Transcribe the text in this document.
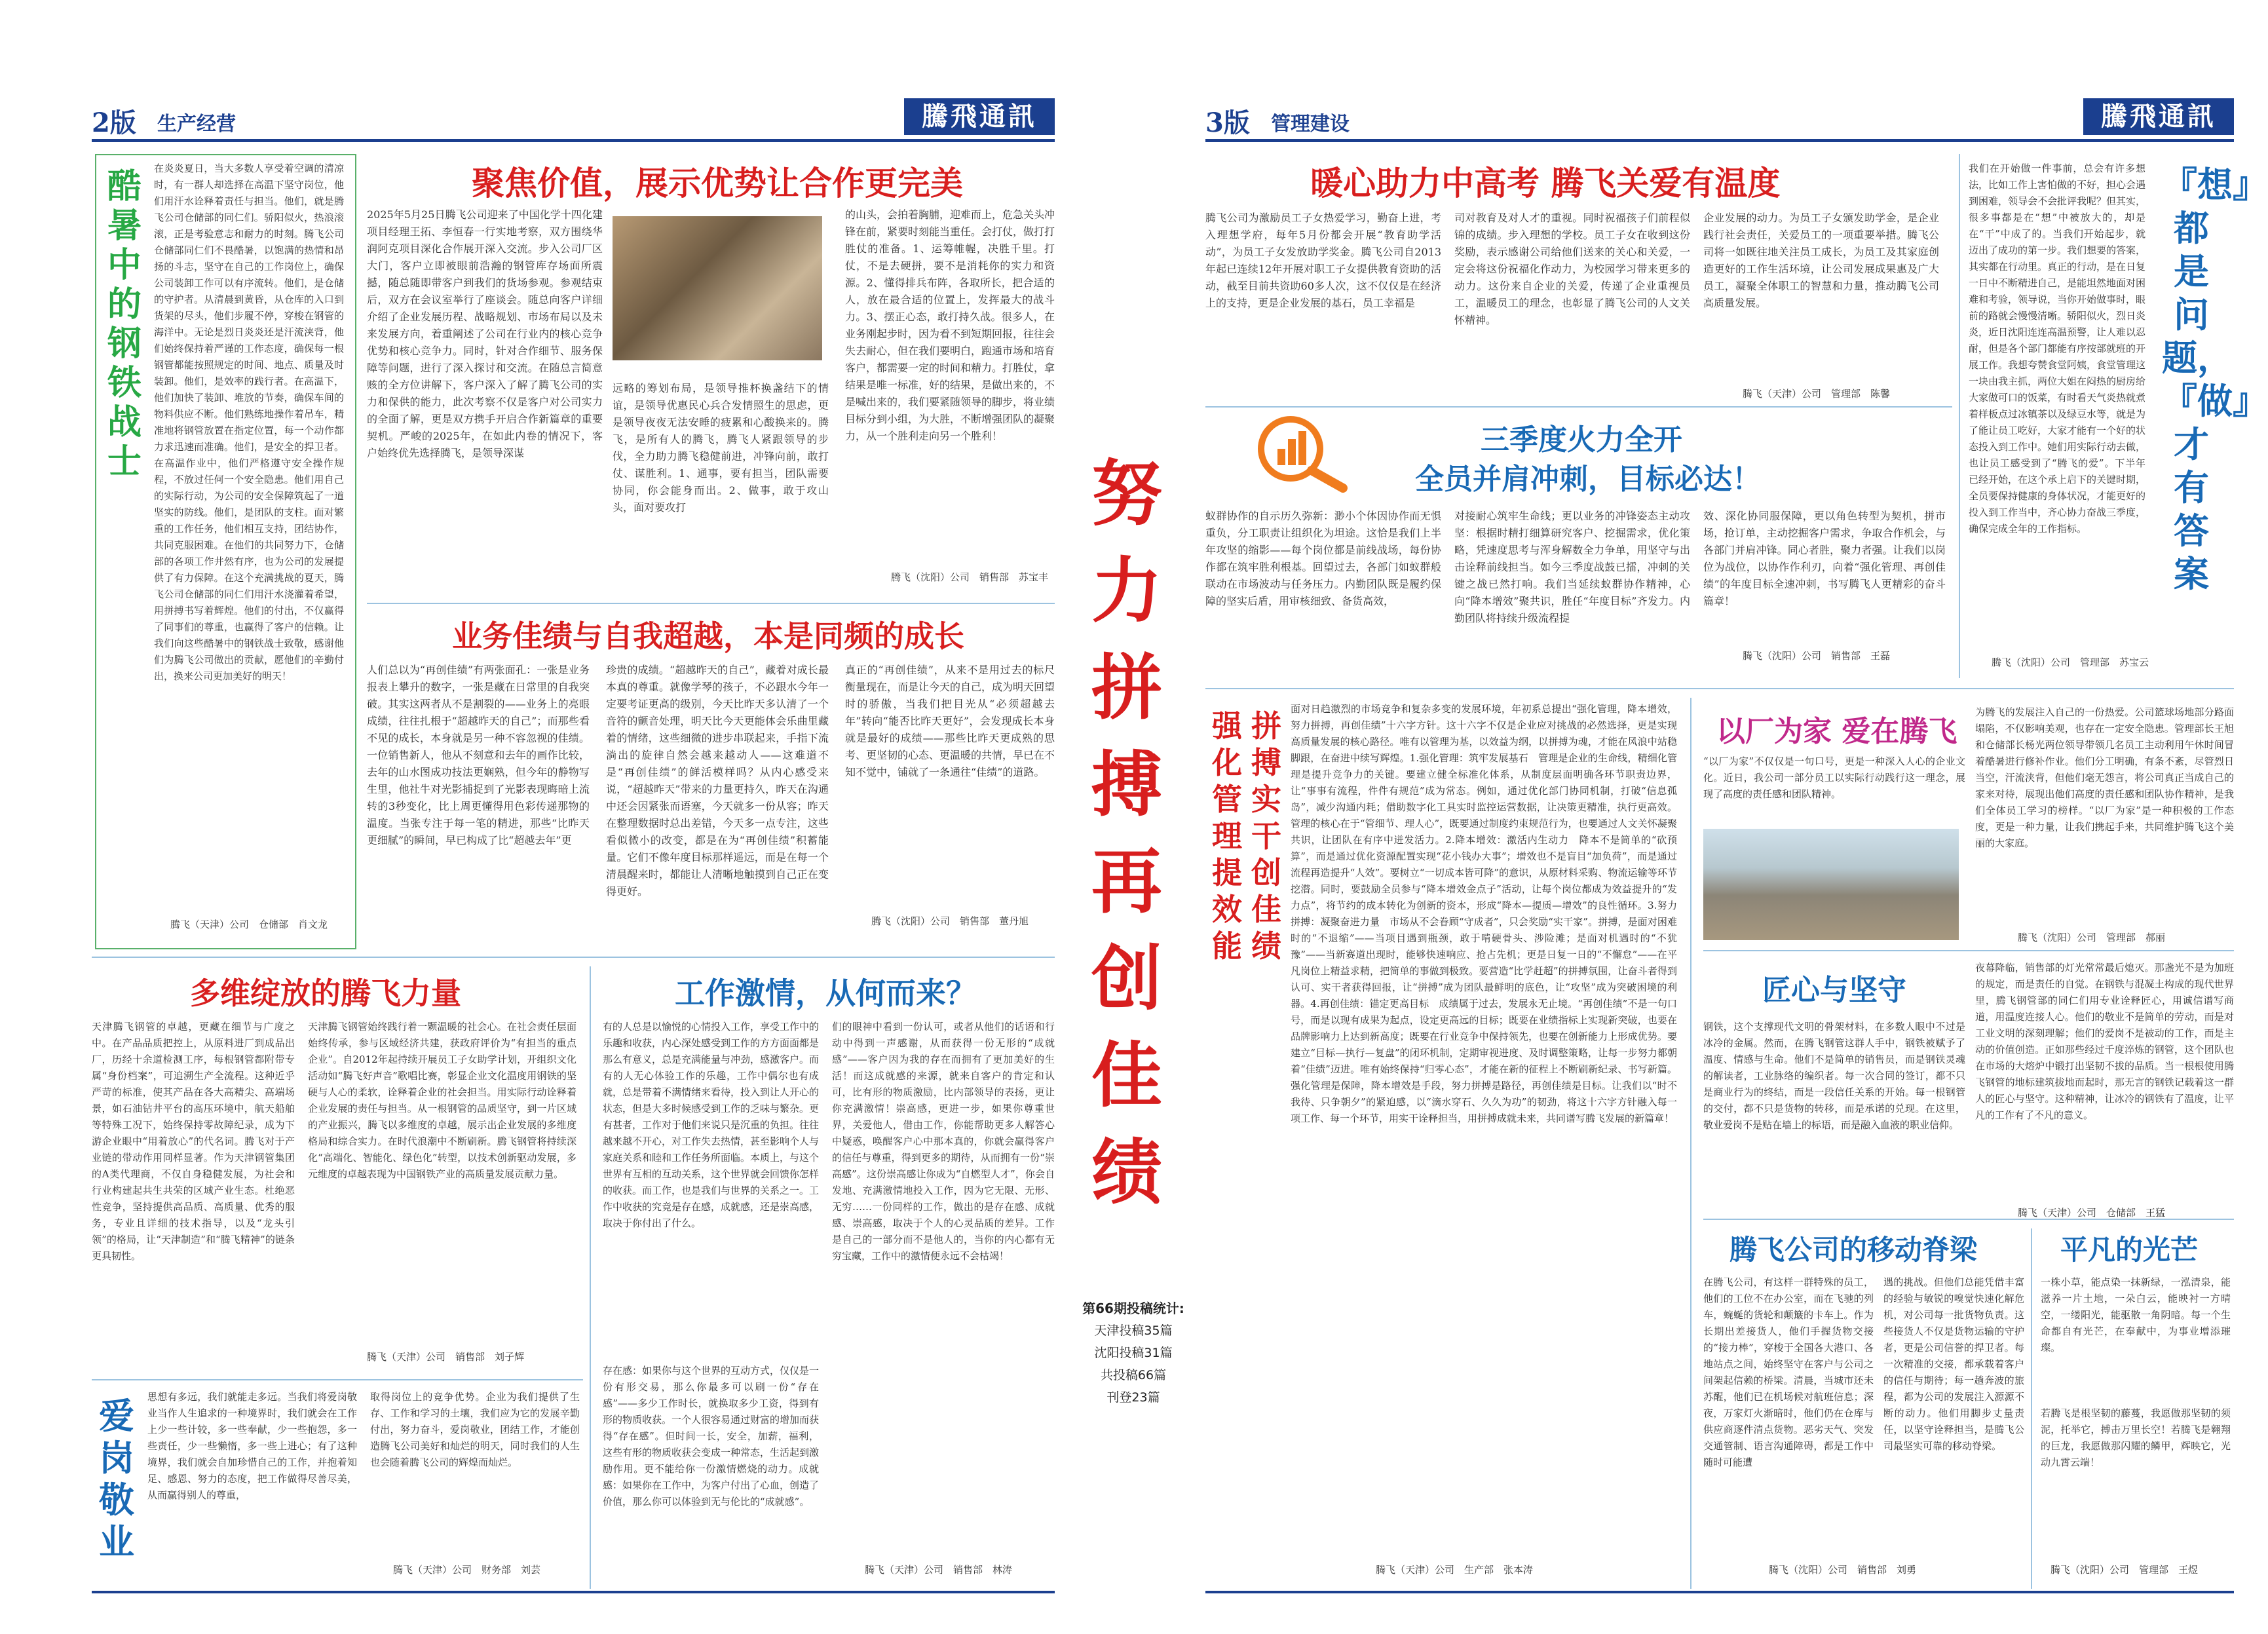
2版 生产经营	騰飛通訊
酷暑中的钢铁战士
在炎炎夏日，当大多数人享受着空调的清凉时，有一群人却选择在高温下坚守岗位，他们用汗水诠释着责任与担当。他们，就是腾飞公司仓储部的同仁们。骄阳似火，热浪滚滚，正是考验意志和耐力的时刻。腾飞公司仓储部同仁们不畏酷暑，以饱满的热情和昂扬的斗志，坚守在自己的工作岗位上，确保公司装卸工作可以有序流转。他们，是仓储的守护者。从清晨到黄昏，从仓库的入口到货架的尽头，他们步履不停，穿梭在钢管的海洋中。无论是烈日炎炎还是汗流浃背，他们始终保持着严谨的工作态度，确保每一根钢管都能按照规定的时间、地点、质量及时装卸。他们，是效率的践行者。在高温下，他们加快了装卸、堆放的节奏，确保车间的物料供应不断。他们熟练地操作着吊车，精准地将钢管放置在指定位置，每一个动作都力求迅速而准确。他们，是安全的捍卫者。在高温作业中，他们严格遵守安全操作规程，不放过任何一个安全隐患。他们用自己的实际行动，为公司的安全保障筑起了一道坚实的防线。他们，是团队的支柱。面对繁重的工作任务，他们相互支持，团结协作，共同克服困难。在他们的共同努力下，仓储部的各项工作井然有序，也为公司的发展提供了有力保障。在这个充满挑战的夏天，腾飞公司仓储部的同仁们用汗水浇灌着希望，用拼搏书写着辉煌。他们的付出，不仅赢得了同事们的尊重，也赢得了客户的信赖。让我们向这些酷暑中的钢铁战士致敬，感谢他们为腾飞公司做出的贡献，愿他们的辛勤付出，换来公司更加美好的明天！
腾飞（天津）公司　仓储部　肖文龙
聚焦价值，展示优势让合作更完美
2025年5月25日腾飞公司迎来了中国化学十四化建项目经理王拓、李恒春一行实地考察，双方围绕华润阿克项目深化合作展开深入交流。步入公司厂区大门，客户立即被眼前浩瀚的钢管库存场面所震撼，随总随即带客户到我们的货场参观。参观结束后，双方在会议室举行了座谈会。随总向客户详细介绍了企业发展历程、战略规划、市场布局以及未来发展方向，着重阐述了公司在行业内的核心竞争优势和核心竞争力。同时，针对合作细节、服务保障等问题，进行了深入探讨和交流。在随总言简意赅的全方位讲解下，客户深入了解了腾飞公司的实力和保供的能力，此次考察不仅是客户对公司实力的全面了解，更是双方携手开启合作新篇章的重要契机。严峻的2025年，在如此内卷的情况下，客户始终优先选择腾飞，是领导深谋
远略的筹划布局，是领导推杯换盏结下的情谊，是领导优惠民心兵合发情照生的思虑，更是领导夜夜无法安睡的疲累和心酸换来的。腾飞，是所有人的腾飞，腾飞人紧跟领导的步伐，全力助力腾飞稳健前进，冲锋向前，敢打仗、谋胜利。1、通事，要有担当，团队需要协同，你会能身而出。2、做事，敢于攻山头，面对要攻打
的山头，会拍着胸脯，迎难而上，危急关头冲锋在前，紧要时刻能当重任。会打仗，做打打胜仗的准备。1、运筹帷幄，决胜千里。打仗，不是去硬拼，要不是消耗你的实力和资源。2、懂得排兵布阵，各取所长，把合适的人，放在最合适的位置上，发挥最大的战斗力。3、摆正心态，敢打持久战。很多人，在业务刚起步时，因为看不到短期回报，往往会失去耐心，但在我们要明白，跑通市场和培育客户，都需要一定的时间和精力。打胜仗，拿结果是唯一标准，好的结果，是做出来的，不是喊出来的，我们要紧随领导的脚步，将业绩目标分到小组，为大胜，不断增强团队的凝聚力，从一个胜利走向另一个胜利！
腾飞（沈阳）公司　销售部　苏宝丰
业务佳绩与自我超越，本是同频的成长
人们总以为“再创佳绩”有两张面孔：一张是业务报表上攀升的数字，一张是藏在日常里的自我突破。其实这两者从不是割裂的——业务上的亮眼成绩，往往扎根于“超越昨天的自己”；而那些看不见的成长，本身就是另一种不容忽视的佳绩。一位销售新人，他从不刻意和去年的画作比较，去年的山水图成功技法更娴熟，但今年的静物写生里，他社牛对光影捕捉到了光影表现晦暗上流转的3秒变化，比上周更懂得用色彩传递那物的温度。当张专注于每一笔的精进，那些“比昨天更细腻”的瞬间，早已构成了比“超越去年”更
珍贵的成绩。“超越昨天的自己”，藏着对成长最本真的尊重。就像学琴的孩子，不必跟水今年一定要考证更高的级别，今天比昨天多认清了一个音符的颤音处理，明天比今天更能体会乐曲里藏着的情绪，这些细微的进步串联起来，手指下流淌出的旋律自然会越来越动人——这难道不是“再创佳绩”的鲜活模样吗？从内心感受来说，“超越昨天”带来的力量更持久，昨天在沟通中还会因紧张而语塞，今天就多一份从容；昨天在整理数据时总出差错，今天多一点专注，这些看似微小的改变，都是在为“再创佳绩”积蓄能量。它们不像年度目标那样遥远，而是在每一个清晨醒来时，都能让人清晰地触摸到自己正在变得更好。
真正的“再创佳绩”，从来不是用过去的标尺衡量现在，而是让今天的自己，成为明天回望时的骄傲，当我们把目光从“必须超越去年”转向“能否比昨天更好”，会发现成长本身就是最好的成绩——那些比昨天更成熟的思考、更坚韧的心态、更温暖的共情，早已在不知不觉中，铺就了一条通往“佳绩”的道路。
腾飞（沈阳）公司　销售部　董丹旭
多维绽放的腾飞力量
天津腾飞钢管的卓越，更藏在细节与广度之中。在产品品质把控上，从原料进厂到成品出厂，历经十余道检测工序，每根钢管都附带专属“身份档案”，可追溯生产全流程。这种近乎严苛的标准，使其产品在各大高精尖、高端场景，如石油钻井平台的高压环境中，航天船舶等特殊工况下，始终保持零故障纪录，成为下游企业眼中“用着放心”的代名词。腾飞对于产业链的带动作用同样显著。作为天津钢管集团的A类代理商，不仅自身稳健发展，为社会和行业构建起共生共荣的区域产业生态。杜绝恶性竞争，坚持提供高品质、高质量、优秀的服务，专业且详细的技术指导，以及“龙头引领”的格局，让“天津制造”和“腾飞精神”的链条更具韧性。
天津腾飞钢管始终践行着一颗温暖的社会心。在社会责任层面始终传承，参与区域经济共建，获政府评价为“有担当的重点企业”。自2012年起持续开展员工子女助学计划，开组织文化活动如“腾飞好声音”歌唱比赛，彰显企业文化温度用钢铁的坚硬与人心的柔软，诠释着企业的社会担当。用实际行动诠释着企业发展的责任与担当。从一根钢管的品质坚守，到一片区域的产业振兴，腾飞以多维度的卓越，展示出企业发展的多维度格局和综合实力。在时代浪潮中不断刷新。腾飞钢管将持续深化“高端化、智能化、绿色化”转型，以技术创新驱动发展，多元维度的卓越表现为中国钢铁产业的高质量发展贡献力量。
腾飞（天津）公司　销售部　刘子辉
工作激情，从何而来？
有的人总是以愉悦的心情投入工作，享受工作中的乐趣和收获，内心深处感受到工作的方方面面都是那么有意义，总是充满能量与冲劲，感激客户。而有的人无心体验工作的乐趣，工作中偶尔也有成就，总是带着不满情绪来看待，投入到让人开心的状态，但是大多时候感受到工作的乏味与繁杂。更有甚者，工作对于他们来说只是沉重的负担。往往越来越不开心，对工作失去热情，甚至影响个人与家庭关系和睦和工作任务所面临。本质上，与这个世界有互相的互动关系，这个世界就会回馈你怎样的收获。而工作，也是我们与世界的关系之一。工作中收获的究竟是存在感，成就感，还是崇高感，取决于你付出了什么。
存在感：如果你与这个世界的互动方式，仅仅是一份有形交易，那么你最多可以刷一份“存在感”——多少工作时长，就换取多少工资，得到有形的物质收获。一个人很容易通过财富的增加而获得“存在感”。但时间一长，安全，加薪，福利，这些有形的物质收获会变成一种常态，生活起到激励作用。更不能给你一份激情燃烧的动力。成就感：如果你在工作中，为客户付出了心血，创造了价值，那么你可以体验到无与伦比的“成就感”。
们的眼神中看到一份认可，或者从他们的话语和行动中得到一声感谢，从而获得一份无形的“成就感”——客户因为我的存在而拥有了更加美好的生活！而这成就感的来源，就来自客户的肯定和认可，比有形的物质激励，比内部领导的表扬，更让你充满激情！崇高感，更进一步，如果你尊重世界，关爱他人，借由工作，你能帮助更多人解答心中疑惑，唤醒客户心中那本真的，你就会赢得客户的信任与尊重，得到更多的期待，从而拥有一份“崇高感”。这份崇高感让你成为“自燃型人才”，你会自发地、充满激情地投入工作，因为它无限、无形、无穷……一份同样的工作，做出的是存在感、成就感、崇高感，取决于个人的心灵品质的差异。工作是自己的一部分而不是他人的，当你的内心都有无穷宝藏，工作中的激情便永远不会枯竭！
腾飞（天津）公司　销售部　林涛
爱岗敬业
思想有多远，我们就能走多远。当我们将爱岗敬业当作人生追求的一种境界时，我们就会在工作上少一些计较，多一些奉献，少一些抱怨，多一些责任，少一些懒惰，多一些上进心；有了这种境界，我们就会自加珍惜自己的工作，并抱着知足、感恩、努力的态度，把工作做得尽善尽美，从而赢得别人的尊重，
取得岗位上的竞争优势。企业为我们提供了生存、工作和学习的土壤，我们应为它的发展辛勤付出，努力奋斗，爱岗敬业，团结工作，才能创造腾飞公司美好和灿烂的明天，同时我们的人生也会随着腾飞公司的辉煌而灿烂。
腾飞（天津）公司　财务部　刘芸
努力拼搏再创佳绩
第66期投稿统计:
天津投稿35篇
沈阳投稿31篇
共投稿66篇
刊登23篇
3版 管理建设	騰飛通訊
暖心助力中高考 腾飞关爱有温度
腾飞公司为激励员工子女热爱学习，勤奋上进，考入理想学府，每年5月份都会开展“教育助学活动”，为员工子女发放助学奖金。腾飞公司自2013年起已连续12年开展对职工子女提供教育资助的活动，截至目前共资助60多人次，这不仅仅是在经济上的支持，更是企业发展的基石，员工幸福是
司对教育及对人才的重视。同时祝福孩子们前程似锦的成绩。步入理想的学校。员工子女在收到这份奖励，表示感谢公司给他们送来的关心和关爱，一定会将这份祝福化作动力，为校园学习带来更多的动力。这份来自企业的关爱，传递了企业重视员工，温暖员工的理念，也彰显了腾飞公司的人文关怀精神。
企业发展的动力。为员工子女颁发助学金，是企业践行社会责任，关爱员工的一项重要举措。腾飞公司将一如既往地关注员工成长，为员工及其家庭创造更好的工作生活环境，让公司发展成果惠及广大员工，凝聚全体职工的智慧和力量，推动腾飞公司高质量发展。
腾飞（天津）公司　管理部　陈馨
我们在开始做一件事前，总会有许多想法，比如工作上害怕做的不好，担心会遇到困难，领导会不会批评我呢？但其实，很多事都是在“想”中被放大的，却是在“干”中成了的。当我们开始起步，就迈出了成功的第一步。我们想要的答案，其实都在行动里。真正的行动，是在日复一日中不断精进自己，是能坦然地面对困难和考验，领导说，当你开始做事时，眼前的路就会慢慢清晰。骄阳似火，烈日炎炎，近日沈阳连连高温预警，让人难以忍耐，但是各个部门都能有序按部就班的开展工作。我想夸赞食堂阿姨，食堂管理这一块由我主抓，两位大姐在闷热的厨房给大家做可口的饭菜，有时看天气炎热就煮着样板点过冰镇茶以及绿豆水等，就是为了能让员工吃好，大家才能有一个好的状态投入到工作中。她们用实际行动去做，也让员工感受到了“腾飞的爱”。下半年已经开始，在这个承上启下的关键时期，全员要保持健康的身体状况，才能更好的投入到工作当中，齐心协力奋战三季度，确保完成全年的工作指标。
『想』都是问题，『做』才有答案
腾飞（沈阳）公司　管理部　苏宝云
三季度火力全开
全员并肩冲刺，目标必达！
蚁群协作的自示历久弥新：渺小个体因协作而无惧重负，分工职责让组织化为坦途。这恰是我们上半年攻坚的缩影——每个岗位都是前线战场，每份协作都在筑牢胜利根基。回望过去，各部门如蚁群般联动在市场波动与任务压力。内勤团队既是履约保障的坚实后盾，用审核细致、备货高效，
对接耐心筑牢生命线；更以业务的冲锋姿态主动攻坚：根据时精打细算研究客户、挖掘需求，优化策略，凭速度思考与浑身解数全力争单，用坚守与出击诠释前线担当。如今三季度战鼓已擂，冲刺的关键之战已然打响。我们当延续蚁群协作精神，心向“降本增效”聚共识，胜任“年度目标”齐发力。内勤团队将持续升级流程提
效、深化协同服保障，更以角色转型为契机，拼市场，抢订单，主动挖掘客户需求，争取合作机会，与各部门并肩冲锋。同心者胜，聚力者强。让我们以岗位为战位，以协作作利刃，向着“强化管理、再创佳绩”的年度目标全速冲刺，书写腾飞人更精彩的奋斗篇章！
腾飞（沈阳）公司　销售部　王磊
强化管理提效能
拼搏实干创佳绩
面对日趋激烈的市场竞争和复杂多变的发展环境，年初系总提出“强化管理，降本增效，努力拼搏，再创佳绩”十六字方针。这十六字不仅是企业应对挑战的必然选择，更是实现高质量发展的核心路径。唯有以管理为基，以效益为纲，以拼搏为魂，才能在风浪中站稳脚跟，在奋进中续写辉煌。1.强化管理：筑牢发展基石　管理是企业的生命线，精细化管理是提升竞争力的关键。要建立健全标准化体系，从制度层面明确各环节职责边界，让“事事有流程，件件有规范”成为常态。例如，通过优化部门协同机制，打破“信息孤岛”，减少沟通内耗；借助数字化工具实时监控运营数据，让决策更精准，执行更高效。管理的核心在于“管细节、理人心”，既要通过制度约束规范行为，也要通过人文关怀凝聚共识，让团队在有序中迸发活力。2.降本增效：激活内生动力　降本不是简单的“砍预算”，而是通过优化资源配置实现“花小钱办大事”；增效也不是盲目“加负荷”，而是通过流程再造提升“人效”。要树立“一切成本皆可降”的意识，从原材料采购、物流运输等环节挖潜。同时，要鼓励全员参与“降本增效金点子”活动，让每个岗位都成为效益提升的“发力点”，将节约的成本转化为创新的资本，形成“降本—提质—增效”的良性循环。3.努力拼搏：凝聚奋进力量　市场从不会眷顾“守成者”，只会奖励“实干家”。拼搏，是面对困难时的“不退缩”——当项目遇到瓶颈，敢于啃硬骨头、涉险滩；是面对机遇时的“不犹豫”——当新赛道出现时，能够快速响应、抢占先机；更是日复一日的“不懈怠”——在平凡岗位上精益求精，把简单的事做到极致。要营造“比学赶超”的拼搏氛围，让奋斗者得到认可、实干者获得回报，让“拼搏”成为团队最鲜明的底色，让“攻坚”成为突破困境的利器。4.再创佳绩：锚定更高目标　成绩属于过去，发展永无止境。“再创佳绩”不是一句口号，而是以现有成果为起点，设定更高远的目标；既要在业绩指标上实现新突破，也要在品牌影响力上达到新高度；既要在行业竞争中保持领先，也要在创新能力上形成优势。要建立“目标—执行—复盘”的闭环机制，定期审视进度、及时调整策略，让每一步努力都朝着“佳绩”迈进。唯有始终保持“归零心态”，才能在新的征程上不断刷新纪录、书写新篇。强化管理是保障，降本增效是手段，努力拼搏是路径，再创佳绩是目标。让我们以“时不我待、只争朝夕”的紧迫感，以“滴水穿石、久久为功”的韧劲，将这十六字方针融入每一项工作、每一个环节，用实干诠释担当，用拼搏成就未来，共同谱写腾飞发展的新篇章！
腾飞（天津）公司　生产部　张本涛
以厂为家 爱在腾飞
“以厂为家”不仅仅是一句口号，更是一种深入人心的企业文化。近日，我公司一部分员工以实际行动践行这一理念，展现了高度的责任感和团队精神。
为腾飞的发展注入自己的一份热爱。公司篮球场地部分路面塌陷，不仅影响美观，也存在一定安全隐患。管理部长王旭和仓储部长杨光两位领导带领几名员工主动利用午休时间冒着酷暑进行修补作业。他们分工明确，有条不紊，尽管烈日当空，汗流浃背，但他们毫无怨言，将公司真正当成自己的家来对待，展现出他们高度的责任感和团队协作精神，是我们全体员工学习的榜样。“以厂为家”是一种积极的工作态度，更是一种力量，让我们携起手来，共同维护腾飞这个美丽的大家庭。
腾飞（沈阳）公司　管理部　郝丽
匠心与坚守
钢铁，这个支撑现代文明的骨架材料，在多数人眼中不过是冰冷的金属。然而，在腾飞钢管这群人手中，钢铁被赋予了温度、情感与生命。他们不是简单的销售员，而是钢铁灵魂的解读者，工业脉络的编织者。每一次合同的签订，都不只是商业行为的终结，而是一段信任关系的开始。每一根钢管的交付，都不只是货物的转移，而是承诺的兑现。在这里，敬业爱岗不是贴在墙上的标语，而是融入血液的职业信仰。
夜幕降临，销售部的灯光常常最后熄灭。那盏光不是为加班的规定，而是责任的自觉。在钢铁与混凝土构成的现代世界里，腾飞钢管部的同仁们用专业诠释匠心，用诚信谱写商道，用温度连接人心。他们的敬业不是简单的劳动，而是对工业文明的深刻理解；他们的爱岗不是被动的工作，而是主动的价值创造。正如那些经过千度淬炼的钢管，这个团队也在市场的大熔炉中锻打出坚韧不拔的品质。当一根根使用腾飞钢管的地标建筑拔地而起时，那无言的钢铁记载着这一群人的匠心与坚守。这种精神，让冰冷的钢铁有了温度，让平凡的工作有了不凡的意义。
腾飞（天津）公司　仓储部　王猛
腾飞公司的移动脊梁
在腾飞公司，有这样一群特殊的员工，他们的工位不在办公室，而在飞驰的列车，蜿蜒的货轮和颠簸的卡车上。作为长期出差接货人，他们手握货物交接的“接力棒”，穿梭于全国各大港口、各地站点之间，始终坚守在客户与公司之间架起信赖的桥梁。清晨，当城市还未苏醒，他们已在机场候对航班信息；深夜，万家灯火渐暗时，他们仍在仓库与供应商逐件清点货物。恶劣天气、突发交通管制、语言沟通障碍，都是工作中随时可能遭
遇的挑战。但他们总能凭借丰富的经验与敏锐的嗅觉快速化解危机，对公司每一批货物负责。这些接货人不仅是货物运输的守护者，更是公司信誉的捍卫者。每一次精准的交接，都承载着客户的信任与期待；每一趟奔波的旅程，都为公司的发展注入源源不断的动力。他们用脚步丈量责任，以坚守诠释担当，是腾飞公司最坚实可靠的移动脊梁。
腾飞（沈阳）公司　销售部　刘勇
平凡的光芒
一株小草，能点染一抹新绿，一泓清泉，能滋养一片土地，一朵白云，能映衬一方晴空，一缕阳光，能驱散一角阴暗。每一个生命都自有光芒，在奉献中，为事业增添璀璨。
若腾飞是根坚韧的藤蔓，我愿做那坚韧的须泥，托举它，搏击万里长空！若腾飞是翱翔的巨龙，我愿做那闪耀的鳞甲，辉映它，光动九霄云端！
腾飞（沈阳）公司　管理部　王煜
